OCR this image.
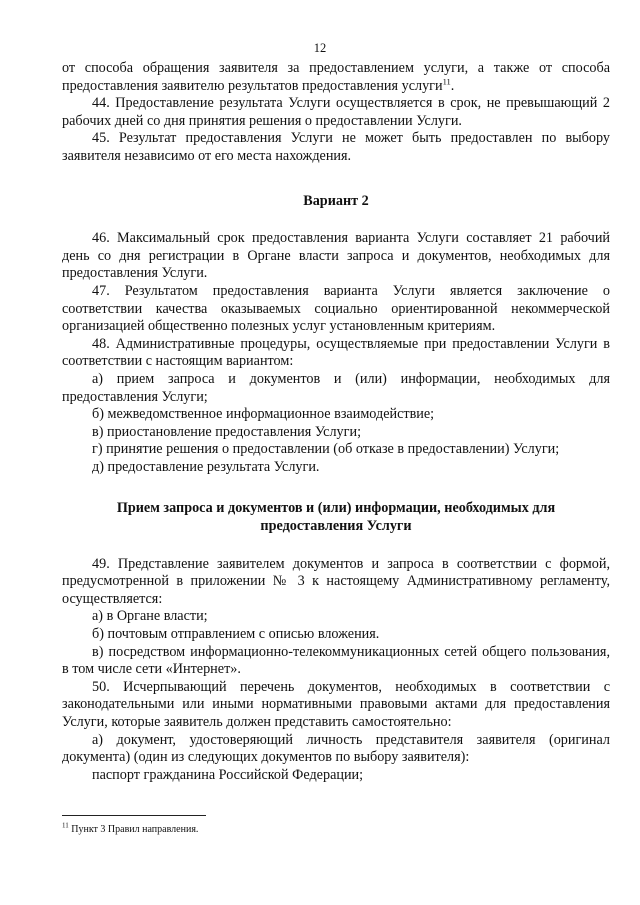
12

от способа обращения заявителя за предоставлением услуги, а также от способа предоставления заявителю результатов предоставления услуги$^{11}$.

44. Предоставление результата Услуги осуществляется в срок, не превышающий 2 рабочих дней со дня принятия решения о предоставлении Услуги.

45. Результат предоставления Услуги не может быть предоставлен по выбору заявителя независимо от его места нахождения.

Вариант 2

46. Максимальный срок предоставления варианта Услуги составляет 21 рабочий день со дня регистрации в Органе власти запроса и документов, необходимых для предоставления Услуги.

47. Результатом предоставления варианта Услуги является заключение о соответствии качества оказываемых социально ориентированной некоммерческой организацией общественно полезных услуг установленным критериям.

48. Административные процедуры, осуществляемые при предоставлении Услуги в соответствии с настоящим вариантом:

а) прием запроса и документов и (или) информации, необходимых для предоставления Услуги;

б) межведомственное информационное взаимодействие;

в) приостановление предоставления Услуги;

г) принятие решения о предоставлении (об отказе в предоставлении) Услуги;

д) предоставление результата Услуги.

Прием запроса и документов и (или) информации, необходимых для предоставления Услуги

49. Представление заявителем документов и запроса в соответствии с формой, предусмотренной в приложении № 3 к настоящему Административному регламенту, осуществляется:

а) в Органе власти;

б) почтовым отправлением с описью вложения.

в) посредством информационно-телекоммуникационных сетей общего пользования, в том числе сети «Интернет».

50. Исчерпывающий перечень документов, необходимых в соответствии с законодательными или иными нормативными правовыми актами для предоставления Услуги, которые заявитель должен представить самостоятельно:

а) документ, удостоверяющий личность представителя заявителя (оригинал документа) (один из следующих документов по выбору заявителя):

паспорт гражданина Российской Федерации;

$^{11}$ Пункт 3 Правил направления.
